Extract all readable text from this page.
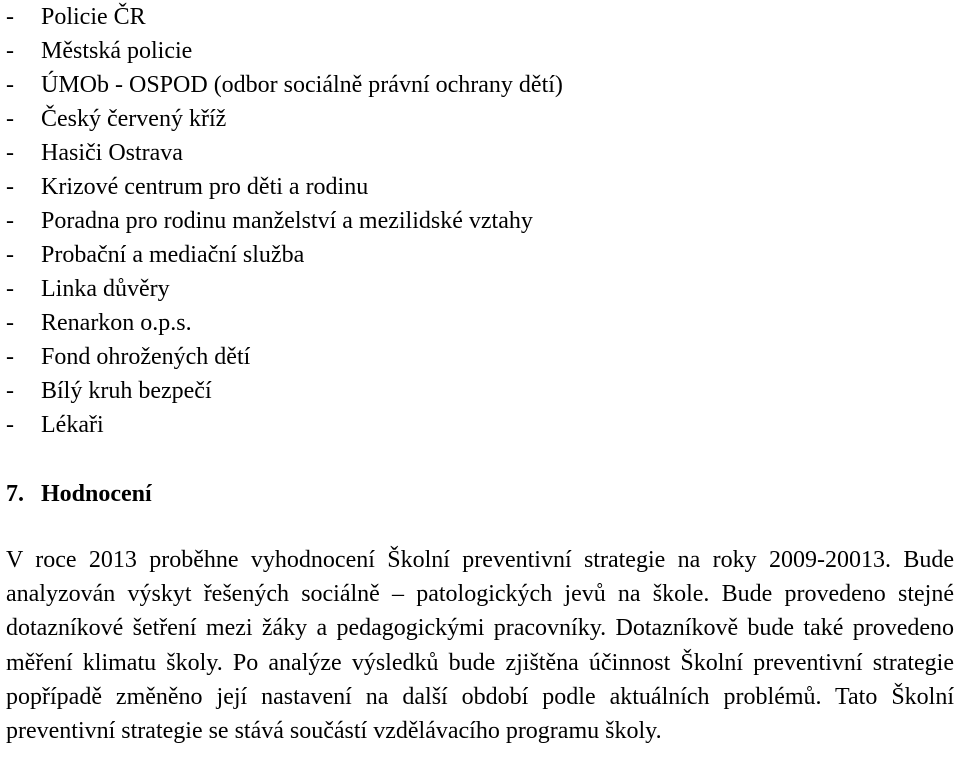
- Policie ČR
- Městská policie
- ÚMOb - OSPOD (odbor sociálně právní ochrany dětí)
- Český červený kříž
- Hasiči Ostrava
- Krizové centrum pro děti a rodinu
- Poradna pro rodinu manželství a mezilidské vztahy
- Probační a mediační služba
- Linka důvěry
- Renarkon o.p.s.
- Fond ohrožených dětí
- Bílý kruh bezpečí
- Lékaři
7. Hodnocení

V roce 2013 proběhne vyhodnocení Školní preventivní strategie na roky 2009-20013. Bude analyzován výskyt řešených sociálně – patologických jevů na škole. Bude provedeno stejné dotazníkové šetření mezi žáky a pedagogickými pracovníky. Dotazníkově bude také provedeno měření klimatu školy. Po analýze výsledků bude zjištěna účinnost Školní preventivní strategie popřípadě změněno její nastavení na další období podle aktuálních problémů. Tato Školní preventivní strategie se stává součástí vzdělávacího programu školy.
